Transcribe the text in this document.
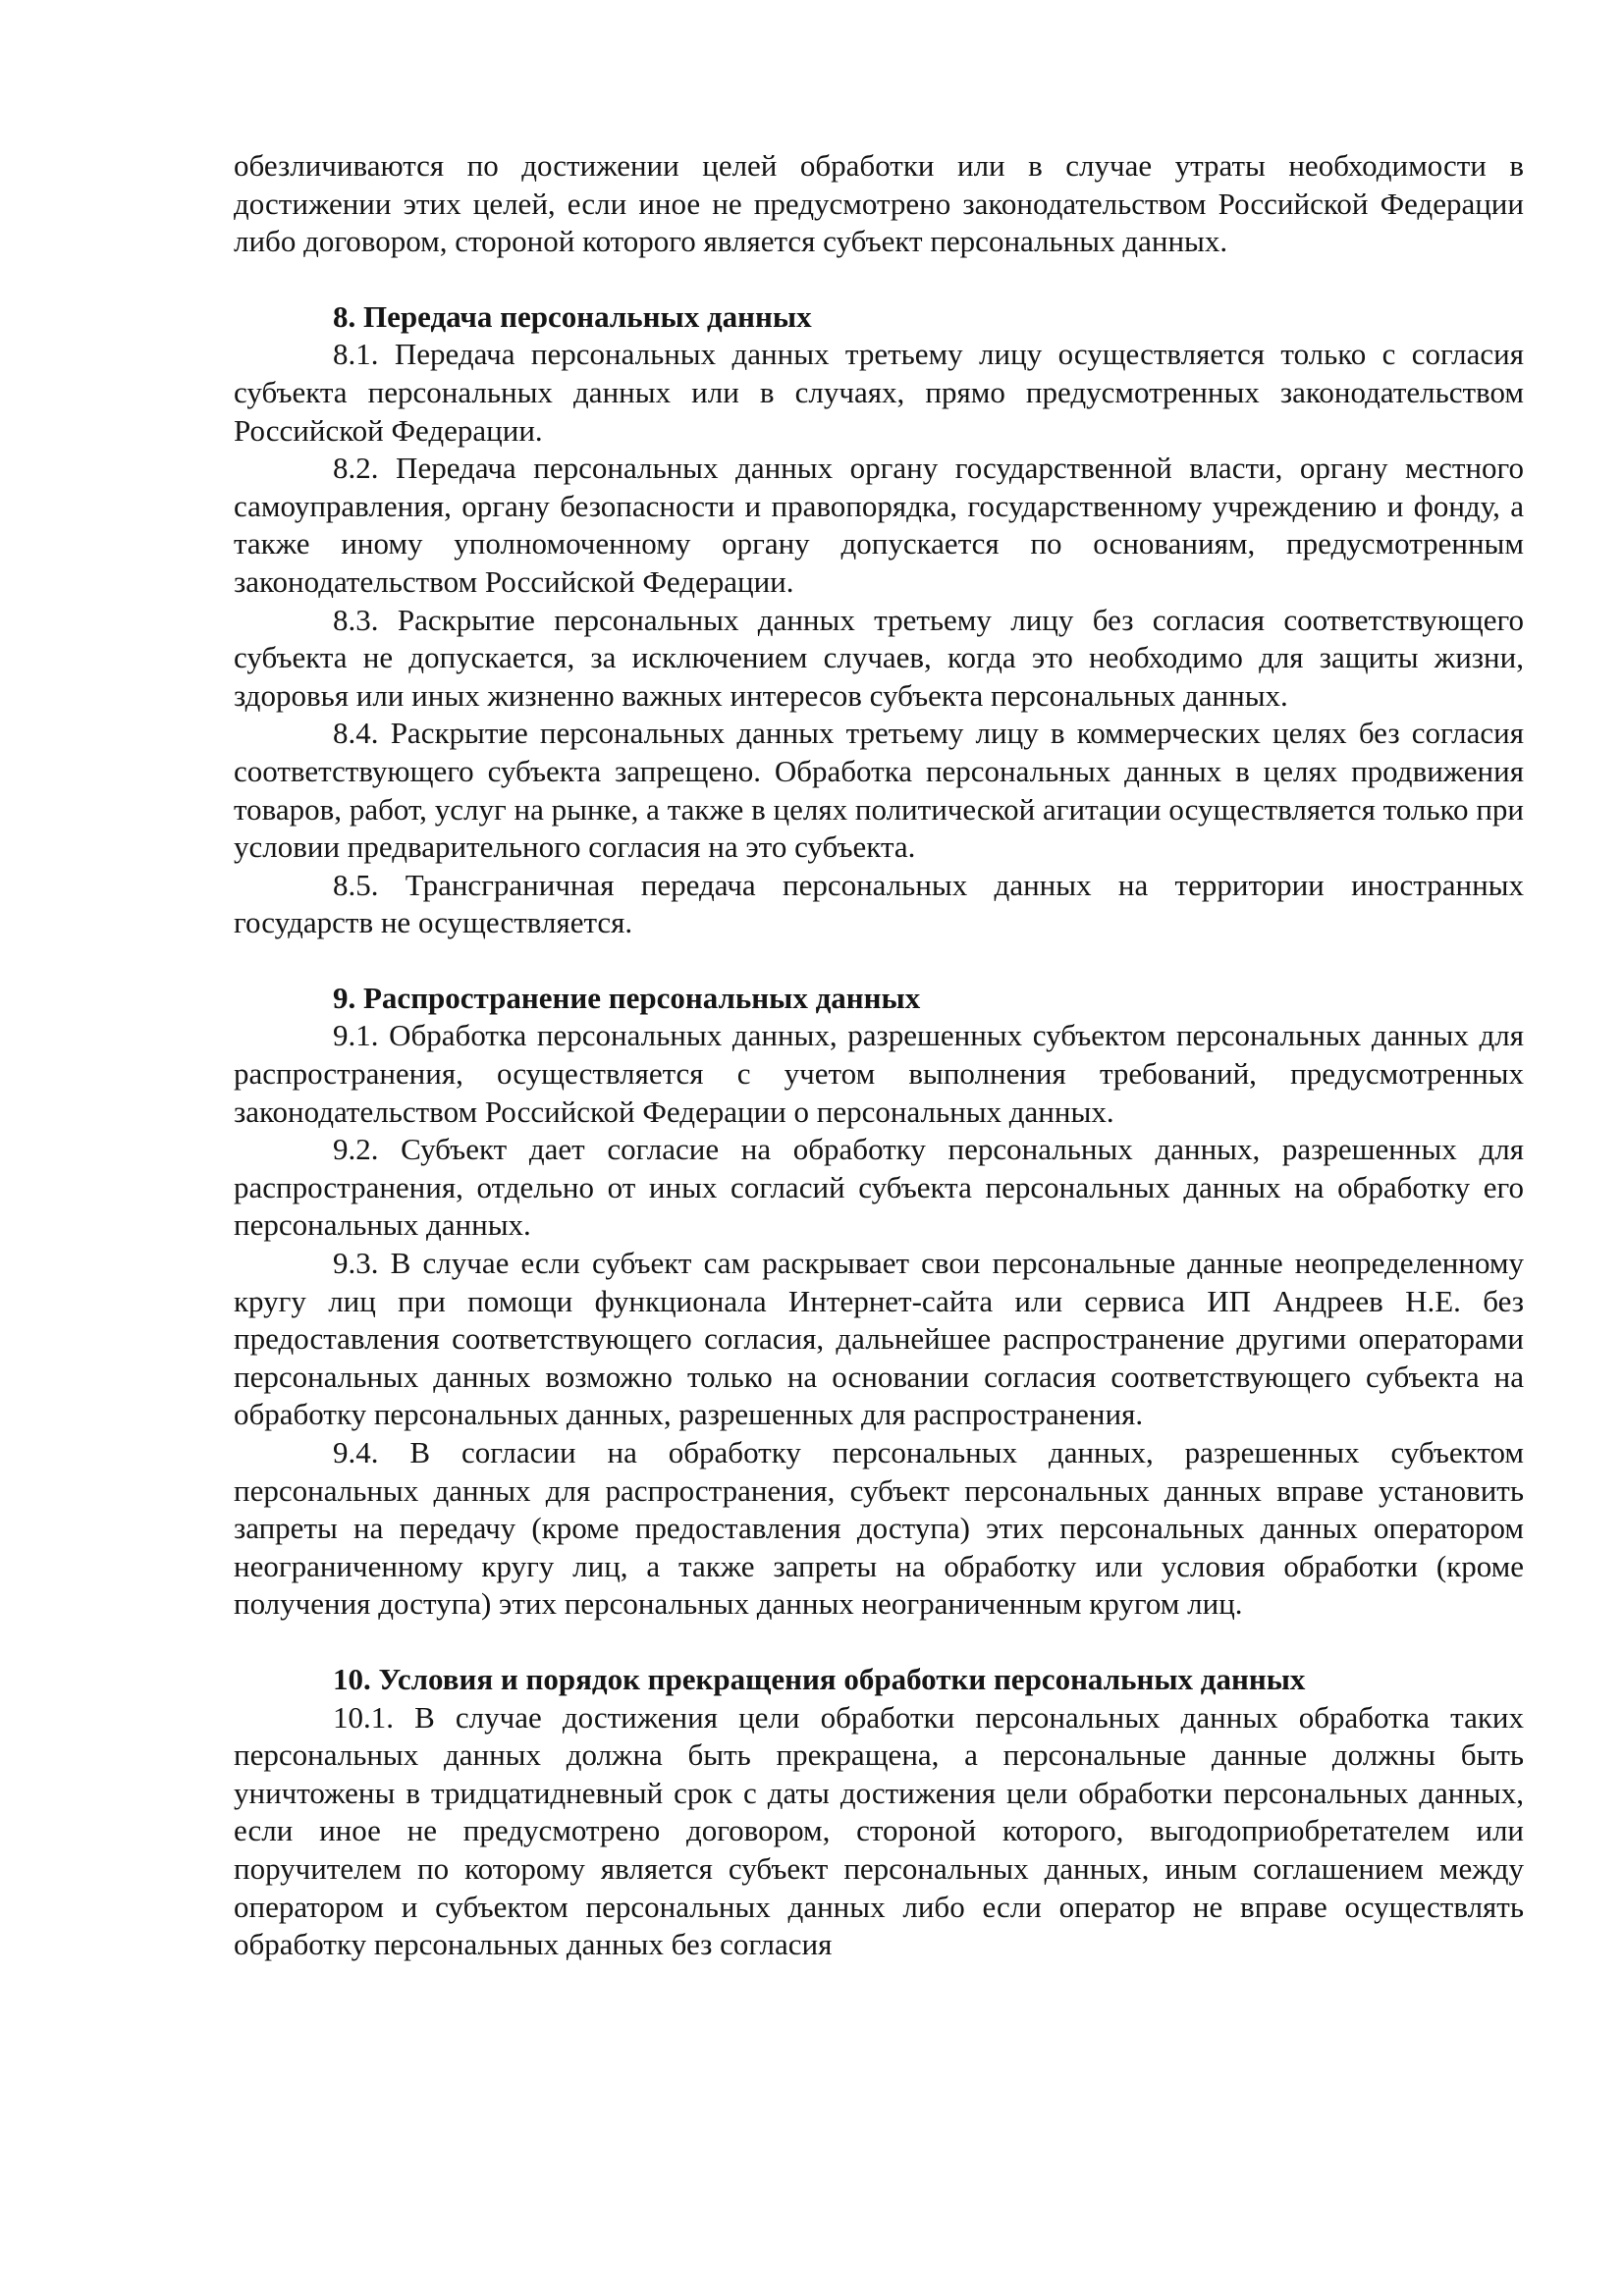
обезличиваются по достижении целей обработки или в случае утраты необходимости в достижении этих целей, если иное не предусмотрено законодательством Российской Федерации либо договором, стороной которого является субъект персональных данных.

8. Передача персональных данных

8.1. Передача персональных данных третьему лицу осуществляется только с согласия субъекта персональных данных или в случаях, прямо предусмотренных законодательством Российской Федерации.

8.2. Передача персональных данных органу государственной власти, органу местного самоуправления, органу безопасности и правопорядка, государственному учреждению и фонду, а также иному уполномоченному органу допускается по основаниям, предусмотренным законодательством Российской Федерации.

8.3. Раскрытие персональных данных третьему лицу без согласия соответствующего субъекта не допускается, за исключением случаев, когда это необходимо для защиты жизни, здоровья или иных жизненно важных интересов субъекта персональных данных.

8.4. Раскрытие персональных данных третьему лицу в коммерческих целях без согласия соответствующего субъекта запрещено. Обработка персональных данных в целях продвижения товаров, работ, услуг на рынке, а также в целях политической агитации осуществляется только при условии предварительного согласия на это субъекта.

8.5. Трансграничная передача персональных данных на территории иностранных государств не осуществляется.

9. Распространение персональных данных

9.1. Обработка персональных данных, разрешенных субъектом персональных данных для распространения, осуществляется с учетом выполнения требований, предусмотренных законодательством Российской Федерации о персональных данных.

9.2. Субъект дает согласие на обработку персональных данных, разрешенных для распространения, отдельно от иных согласий субъекта персональных данных на обработку его персональных данных.

9.3. В случае если субъект сам раскрывает свои персональные данные неопределенному кругу лиц при помощи функционала Интернет-сайта или сервиса ИП Андреев Н.Е. без предоставления соответствующего согласия, дальнейшее распространение другими операторами персональных данных возможно только на основании согласия соответствующего субъекта на обработку персональных данных, разрешенных для распространения.

9.4. В согласии на обработку персональных данных, разрешенных субъектом персональных данных для распространения, субъект персональных данных вправе установить запреты на передачу (кроме предоставления доступа) этих персональных данных оператором неограниченному кругу лиц, а также запреты на обработку или условия обработки (кроме получения доступа) этих персональных данных неограниченным кругом лиц.

10. Условия и порядок прекращения обработки персональных данных

10.1. В случае достижения цели обработки персональных данных обработка таких персональных данных должна быть прекращена, а персональные данные должны быть уничтожены в тридцатидневный срок с даты достижения цели обработки персональных данных, если иное не предусмотрено договором, стороной которого, выгодоприобретателем или поручителем по которому является субъект персональных данных, иным соглашением между оператором и субъектом персональных данных либо если оператор не вправе осуществлять обработку персональных данных без согласия
